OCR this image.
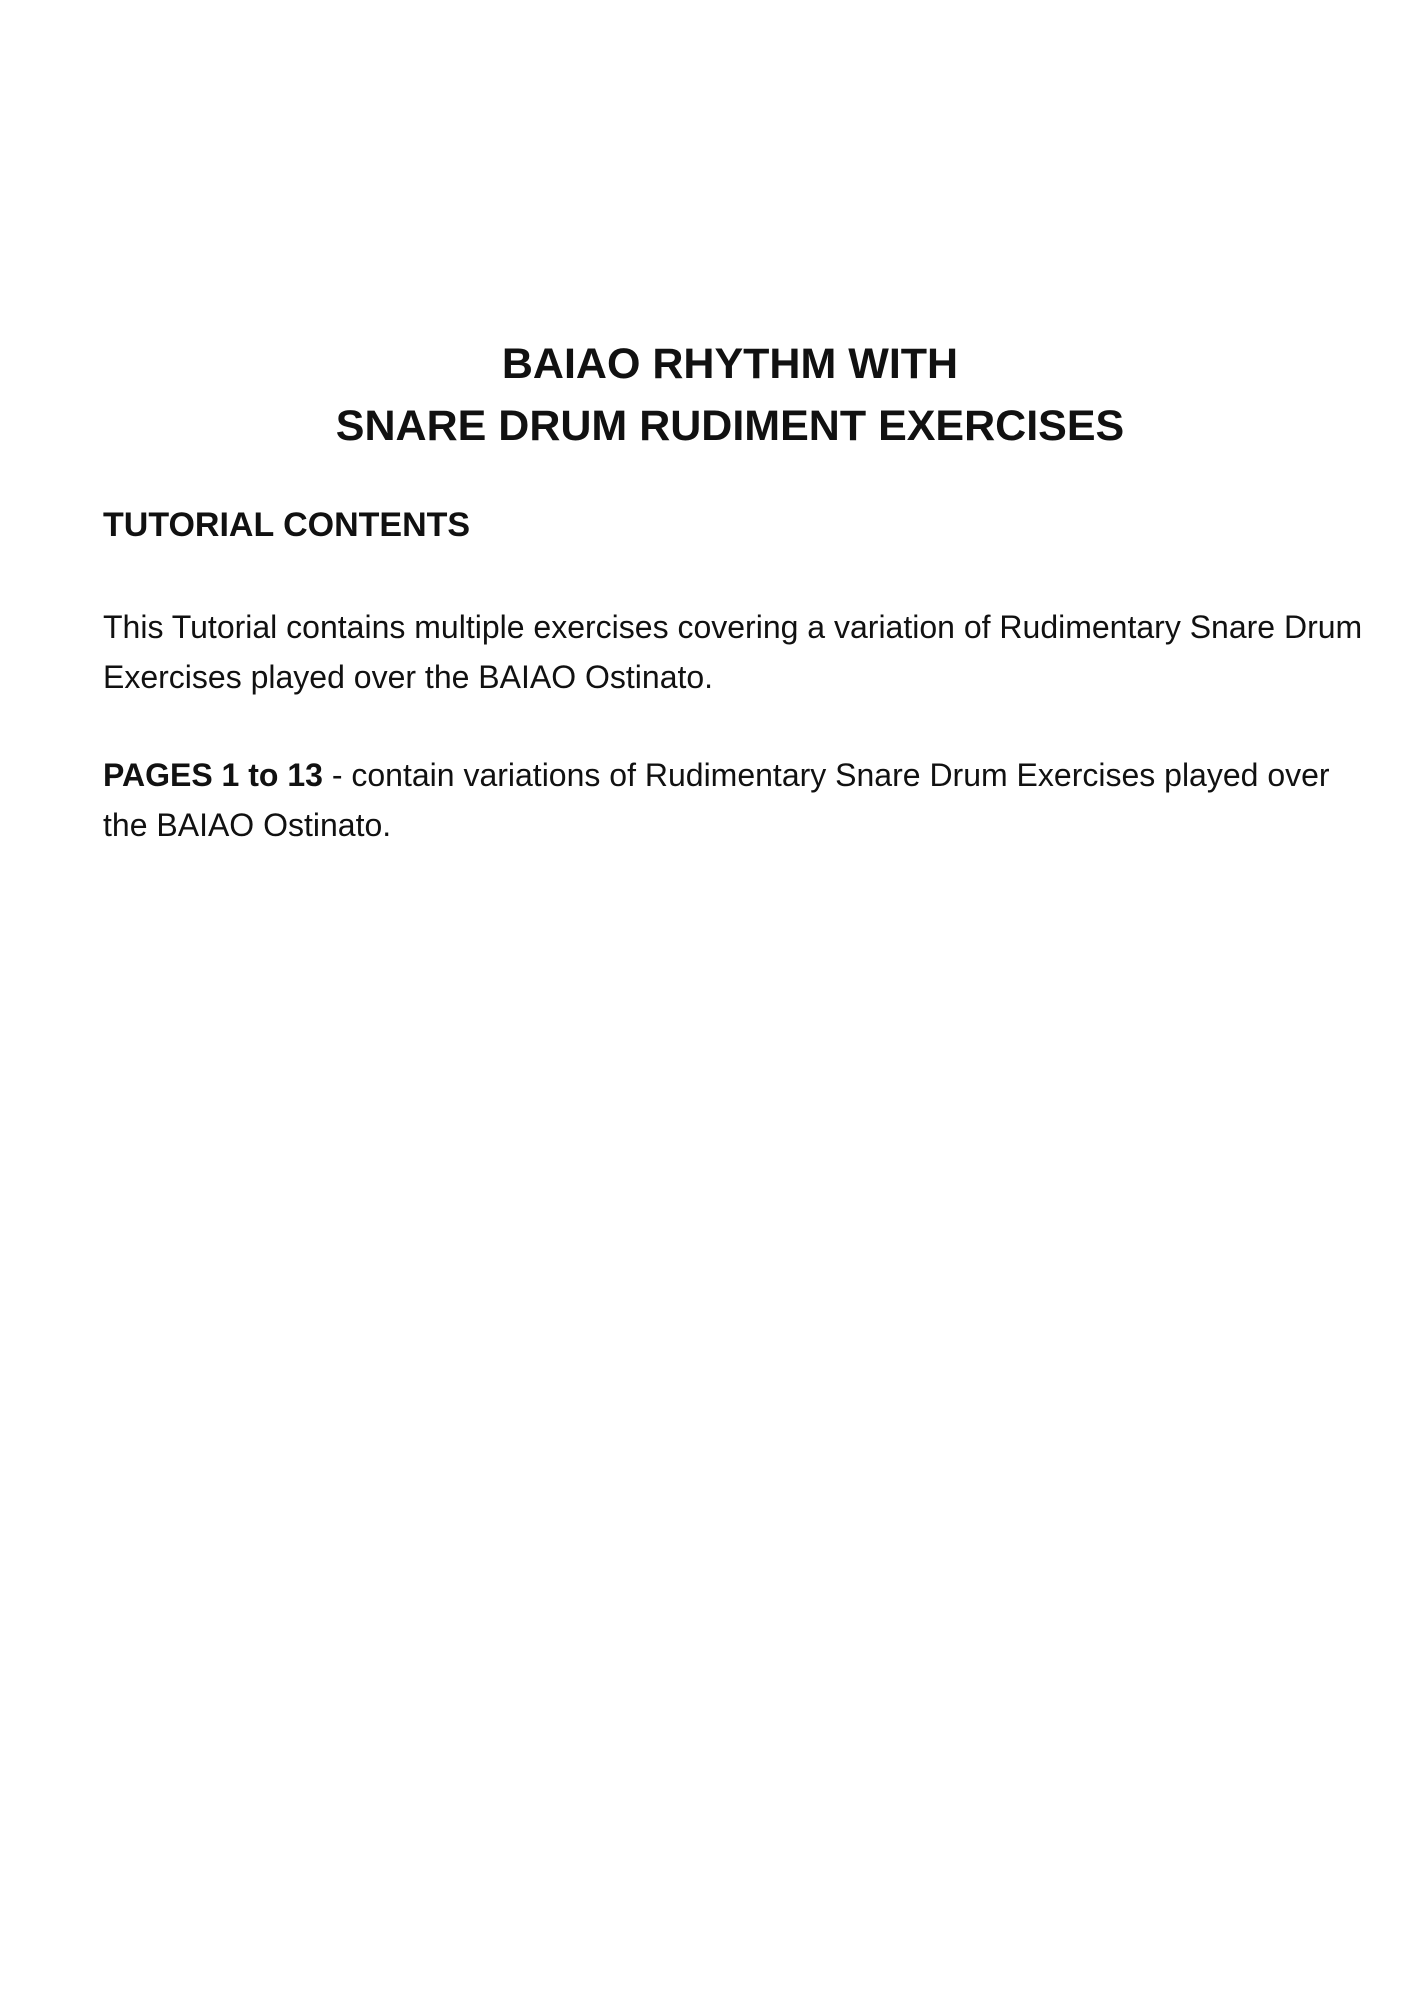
BAIAO RHYTHM WITH
SNARE DRUM RUDIMENT EXERCISES
TUTORIAL CONTENTS

This Tutorial contains multiple exercises covering a variation of Rudimentary Snare Drum Exercises played over the BAIAO Ostinato.

PAGES 1 to 13 - contain variations of Rudimentary Snare Drum Exercises played over the BAIAO Ostinato.
